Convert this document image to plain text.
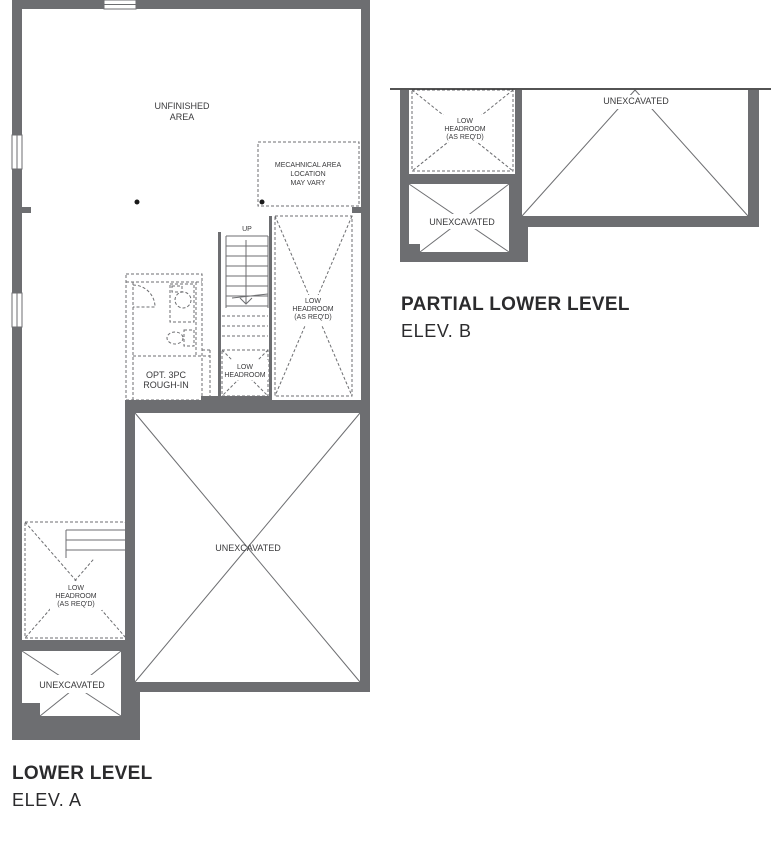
UNFINISHED
AREA
MECAHNICAL AREA
LOCATION
MAY VARY
UP
LOW
HEADROOM
LOW
HEADROOM
(AS REQ'D)
OPT. 3PC
ROUGH-IN
UNEXCAVATED
LOW
HEADROOM
(AS REQ'D)
UNEXCAVATED
LOW
HEADROOM
(AS REQ'D)
UNEXCAVATED
UNEXCAVATED
PARTIAL LOWER LEVEL
ELEV. B
LOWER LEVEL
ELEV. A
